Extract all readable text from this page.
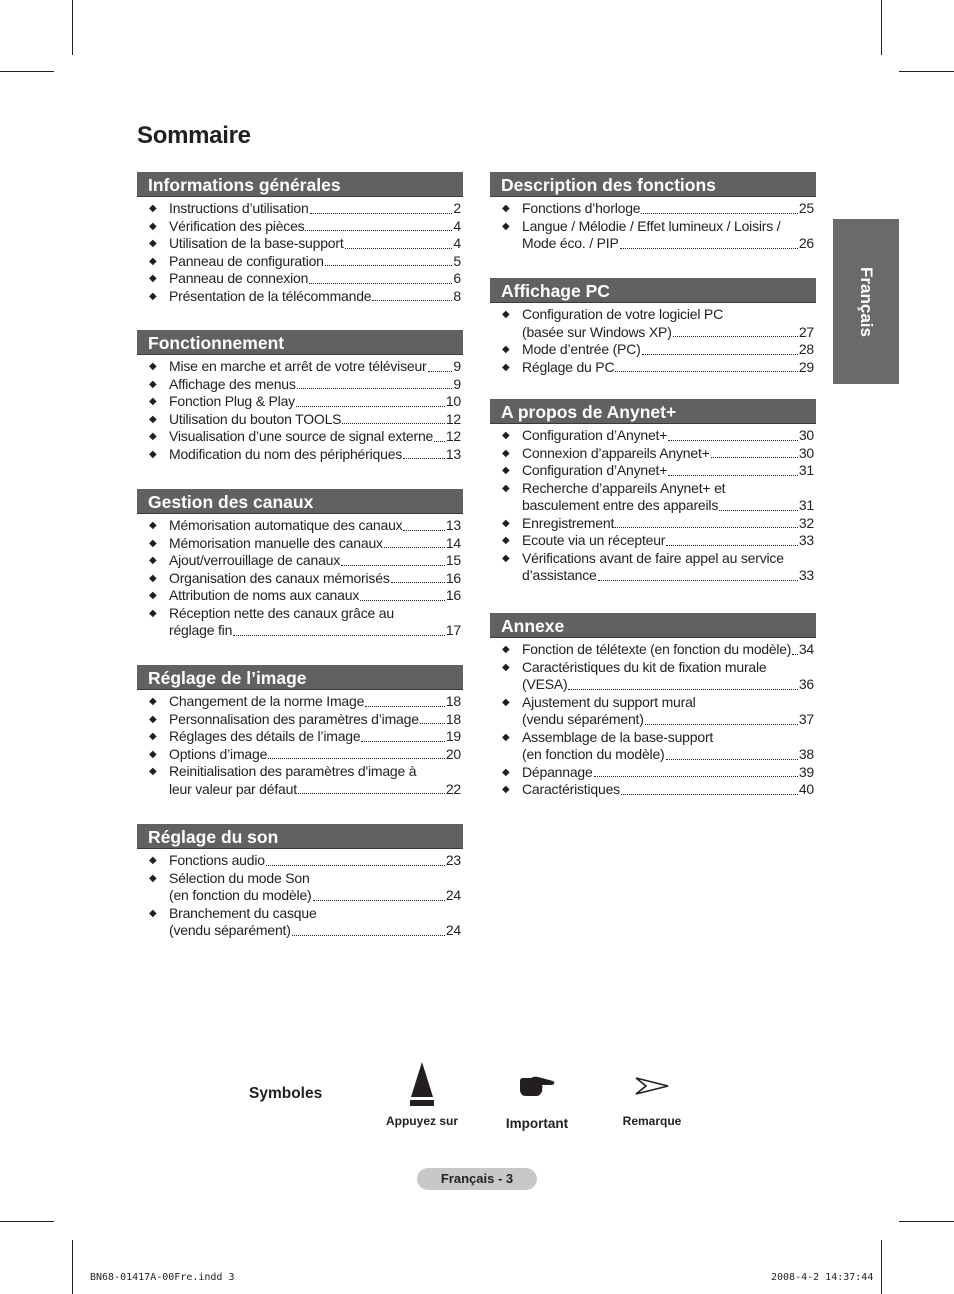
Sommaire
Français
Informations générales
◆ Instructions d’utilisation	2
◆ Vérification des pièces	4
◆ Utilisation de la base-support	4
◆ Panneau de configuration	5
◆ Panneau de connexion	6
◆ Présentation de la télécommande	8
Fonctionnement
◆ Mise en marche et arrêt de votre téléviseur 9
◆ Affichage des menus	9
◆ Fonction Plug & Play	10
◆ Utilisation du bouton TOOLS	12
◆ Visualisation d’une source de signal externe 12
◆ Modification du nom des périphériques	13
Gestion des canaux
◆ Mémorisation automatique des canaux	13
◆ Mémorisation manuelle des canaux	14
◆ Ajout/verrouillage de canaux	15
◆ Organisation des canaux mémorisés	16
◆ Attribution de noms aux canaux	16
◆ Réception nette des canaux grâce au
réglage fin	17
Réglage de l’image
◆ Changement de la norme Image	18
◆ Personnalisation des paramètres d’image 18
◆ Réglages des détails de l’image	19
◆ Options d’image	20
◆ Reinitialisation des paramètres d'image à
leur valeur par défaut	22
Réglage du son
◆ Fonctions audio	23
◆ Sélection du mode Son
(en fonction du modèle)	24
◆ Branchement du casque
(vendu séparément)	24
Description des fonctions
◆ Fonctions d’horloge	25
◆ Langue / Mélodie / Effet lumineux / Loisirs /
Mode éco. / PIP	26
Affichage PC
◆ Configuration de votre logiciel PC
(basée sur Windows XP)	27
◆ Mode d’entrée (PC)	28
◆ Réglage du PC	29
A propos de Anynet+
◆ Configuration d’Anynet+	30
◆ Connexion d’appareils Anynet+	30
◆ Configuration d’Anynet+	31
◆ Recherche d’appareils Anynet+ et
basculement entre des appareils	31
◆ Enregistrement	32
◆ Ecoute via un récepteur	33
◆ Vérifications avant de faire appel au service
d’assistance	33
Annexe
◆ Fonction de télétexte (en fonction du modèle) 34
◆ Caractéristiques du kit de fixation murale
(VESA)	36
◆ Ajustement du support mural
(vendu séparément)	37
◆ Assemblage de la base-support
(en fonction du modèle)	38
◆ Dépannage	39
◆ Caractéristiques	40
Symboles
Appuyez sur	Important	Remarque
Français - 3
BN68-01417A-00Fre.indd 3	2008-4-2 14:37:44
